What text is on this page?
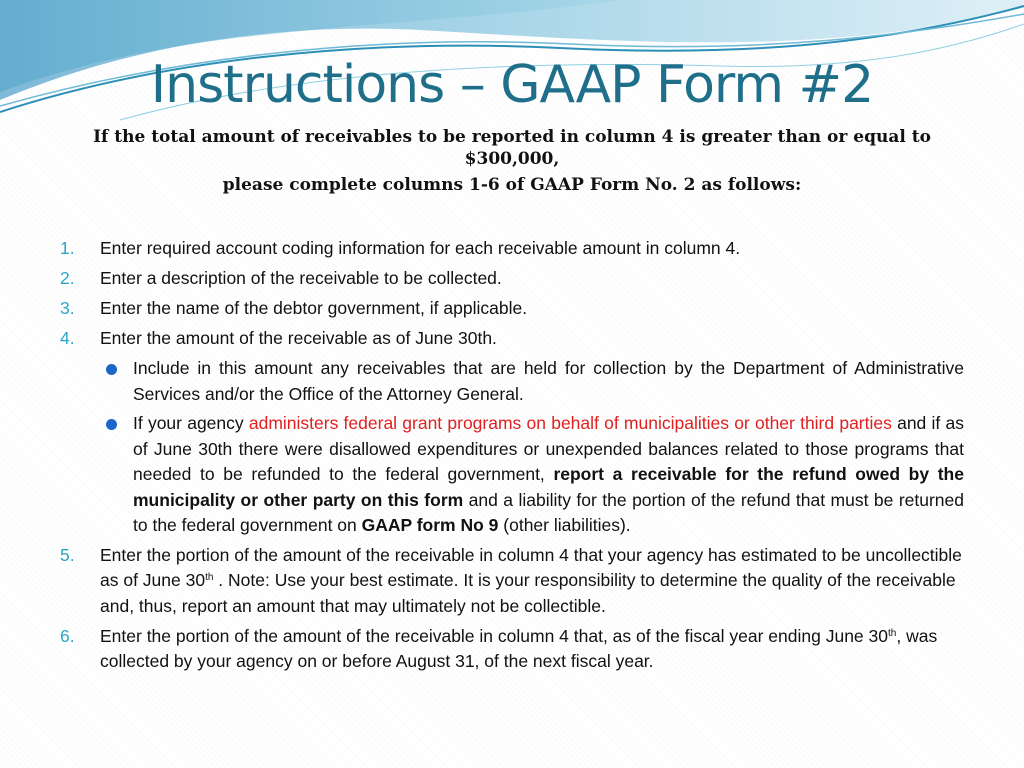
Instructions – GAAP Form #2
If the total amount of receivables to be reported in column 4 is greater than or equal to
$300,000,
please complete columns 1-6 of GAAP Form No. 2 as follows:
1. Enter required account coding information for each receivable amount in column 4.
2. Enter a description of the receivable to be collected.
3. Enter the name of the debtor government, if applicable.
4. Enter the amount of the receivable as of June 30th.
Include in this amount any receivables that are held for collection by the Department of Administrative Services and/or the Office of the Attorney General.
If your agency administers federal grant programs on behalf of municipalities or other third parties and if as of June 30th there were disallowed expenditures or unexpended balances related to those programs that needed to be refunded to the federal government, report a receivable for the refund owed by the municipality or other party on this form and a liability for the portion of the refund that must be returned to the federal government on GAAP form No 9 (other liabilities).
5. Enter the portion of the amount of the receivable in column 4 that your agency has estimated to be uncollectible as of June 30th . Note: Use your best estimate. It is your responsibility to determine the quality of the receivable and, thus, report an amount that may ultimately not be collectible.
6. Enter the portion of the amount of the receivable in column 4 that, as of the fiscal year ending June 30th, was collected by your agency on or before August 31, of the next fiscal year.
